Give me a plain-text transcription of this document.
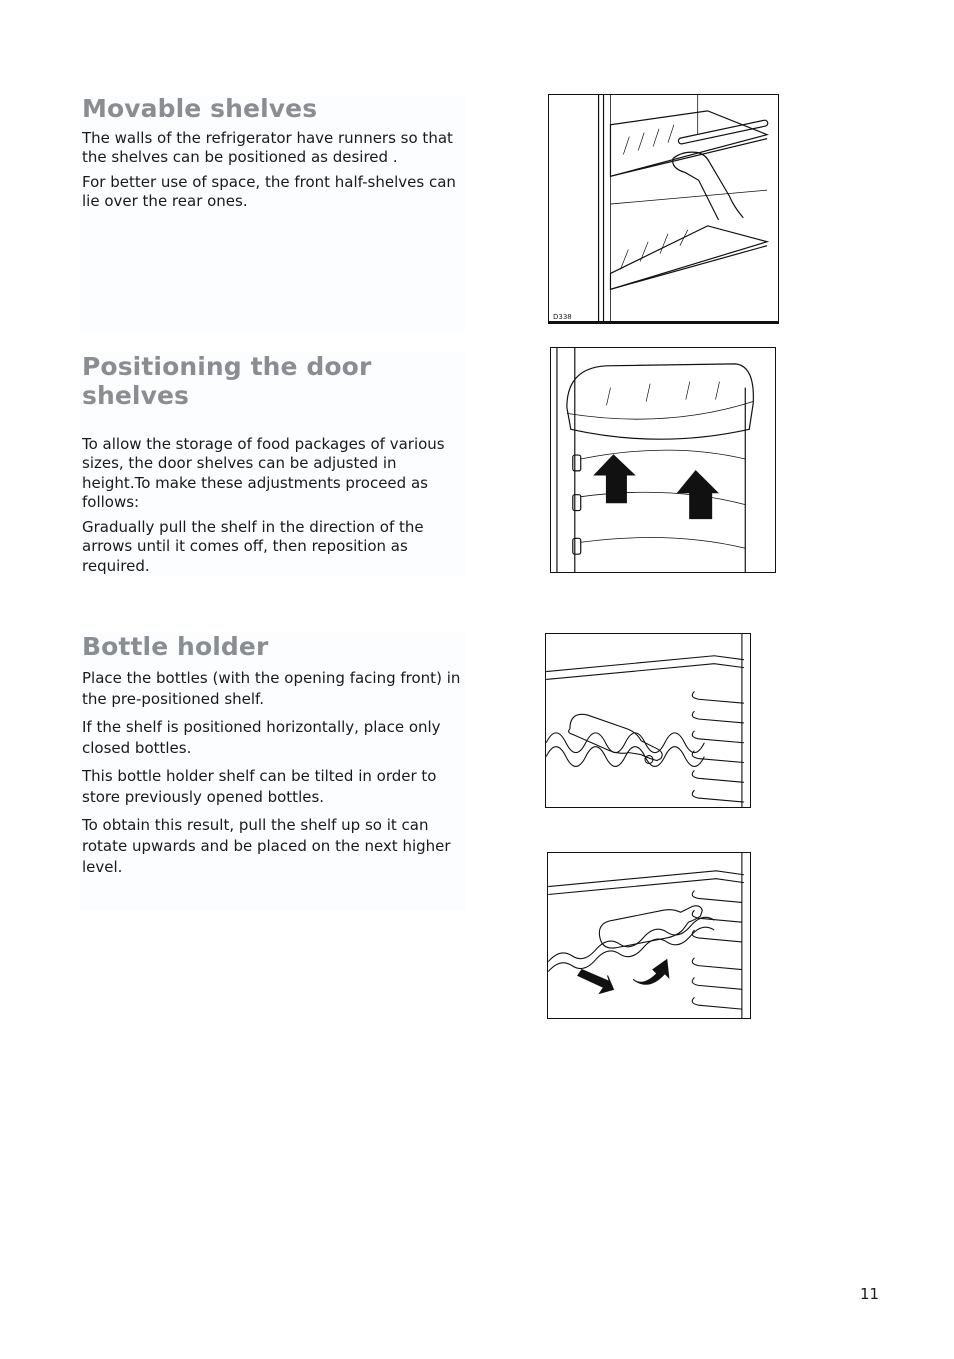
Movable shelves

The walls of the refrigerator have runners so that the shelves can be positioned as desired .

For better use of space, the front half-shelves can lie over the rear ones.

D338
Positioning the door shelves

To allow the storage of food packages of various sizes, the door shelves can be adjusted in height.To make these adjustments proceed as follows:

Gradually pull the shelf in the direction of the arrows until it comes off, then reposition as required.

Bottle holder

Place the bottles (with the opening facing front) in the pre-positioned shelf.

If the shelf is positioned horizontally, place only closed bottles.

This bottle holder shelf can be tilted in order to store previously opened bottles.

To obtain this result, pull the shelf up so it can rotate upwards and be placed on the next higher level.

11
